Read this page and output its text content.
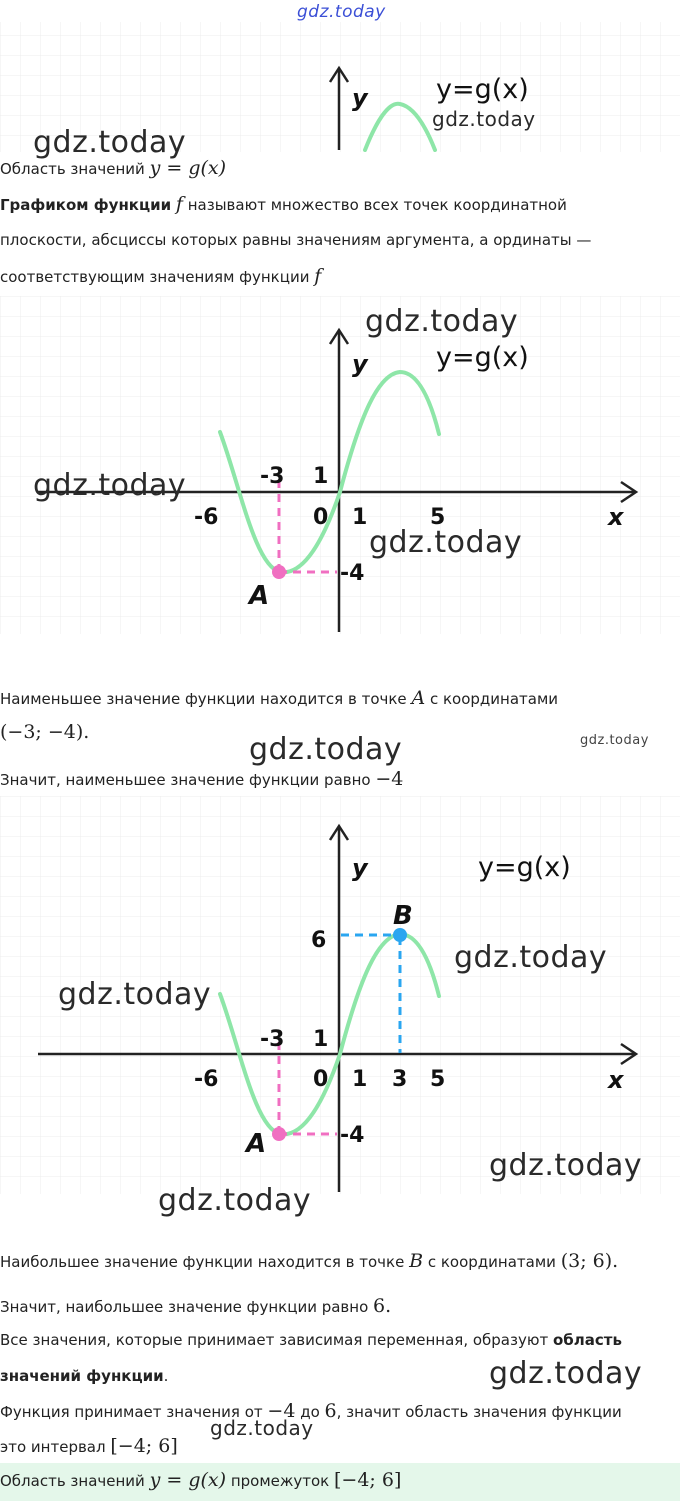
gdz.today
y	y=g(x)
gdz.today
gdz.today
Область значений y = g(x)
Графиком функции f называют множество всех точек координатной
плоскости, абсциссы которых равны значениям аргумента, а ординаты —
соответствующим значениям функции f
y	y=g(x)
x
-3 1
-6	0 1	5
-4
A
gdz.today
gdz.today
gdz.today
Наименьшее значение функции находится в точке A с координатами
(−3; −4).	gdz.today
gdz.today
Значит, наименьшее значение функции равно −4
y	y=g(x)
B
6
x
-3 1
-6	0 1 3 5
-4
A
gdz.today
gdz.today
gdz.today
gdz.today
Наибольшее значение функции находится в точке B с координатами (3; 6).
Значит, наибольшее значение функции равно 6.
Все значения, которые принимает зависимая переменная, образуют область
значений функции.	gdz.today
Функция принимает значения от −4 до 6, значит область значения функции
gdz.today
это интервал [−4; 6]
Область значений y = g(x) промежуток [−4; 6]
